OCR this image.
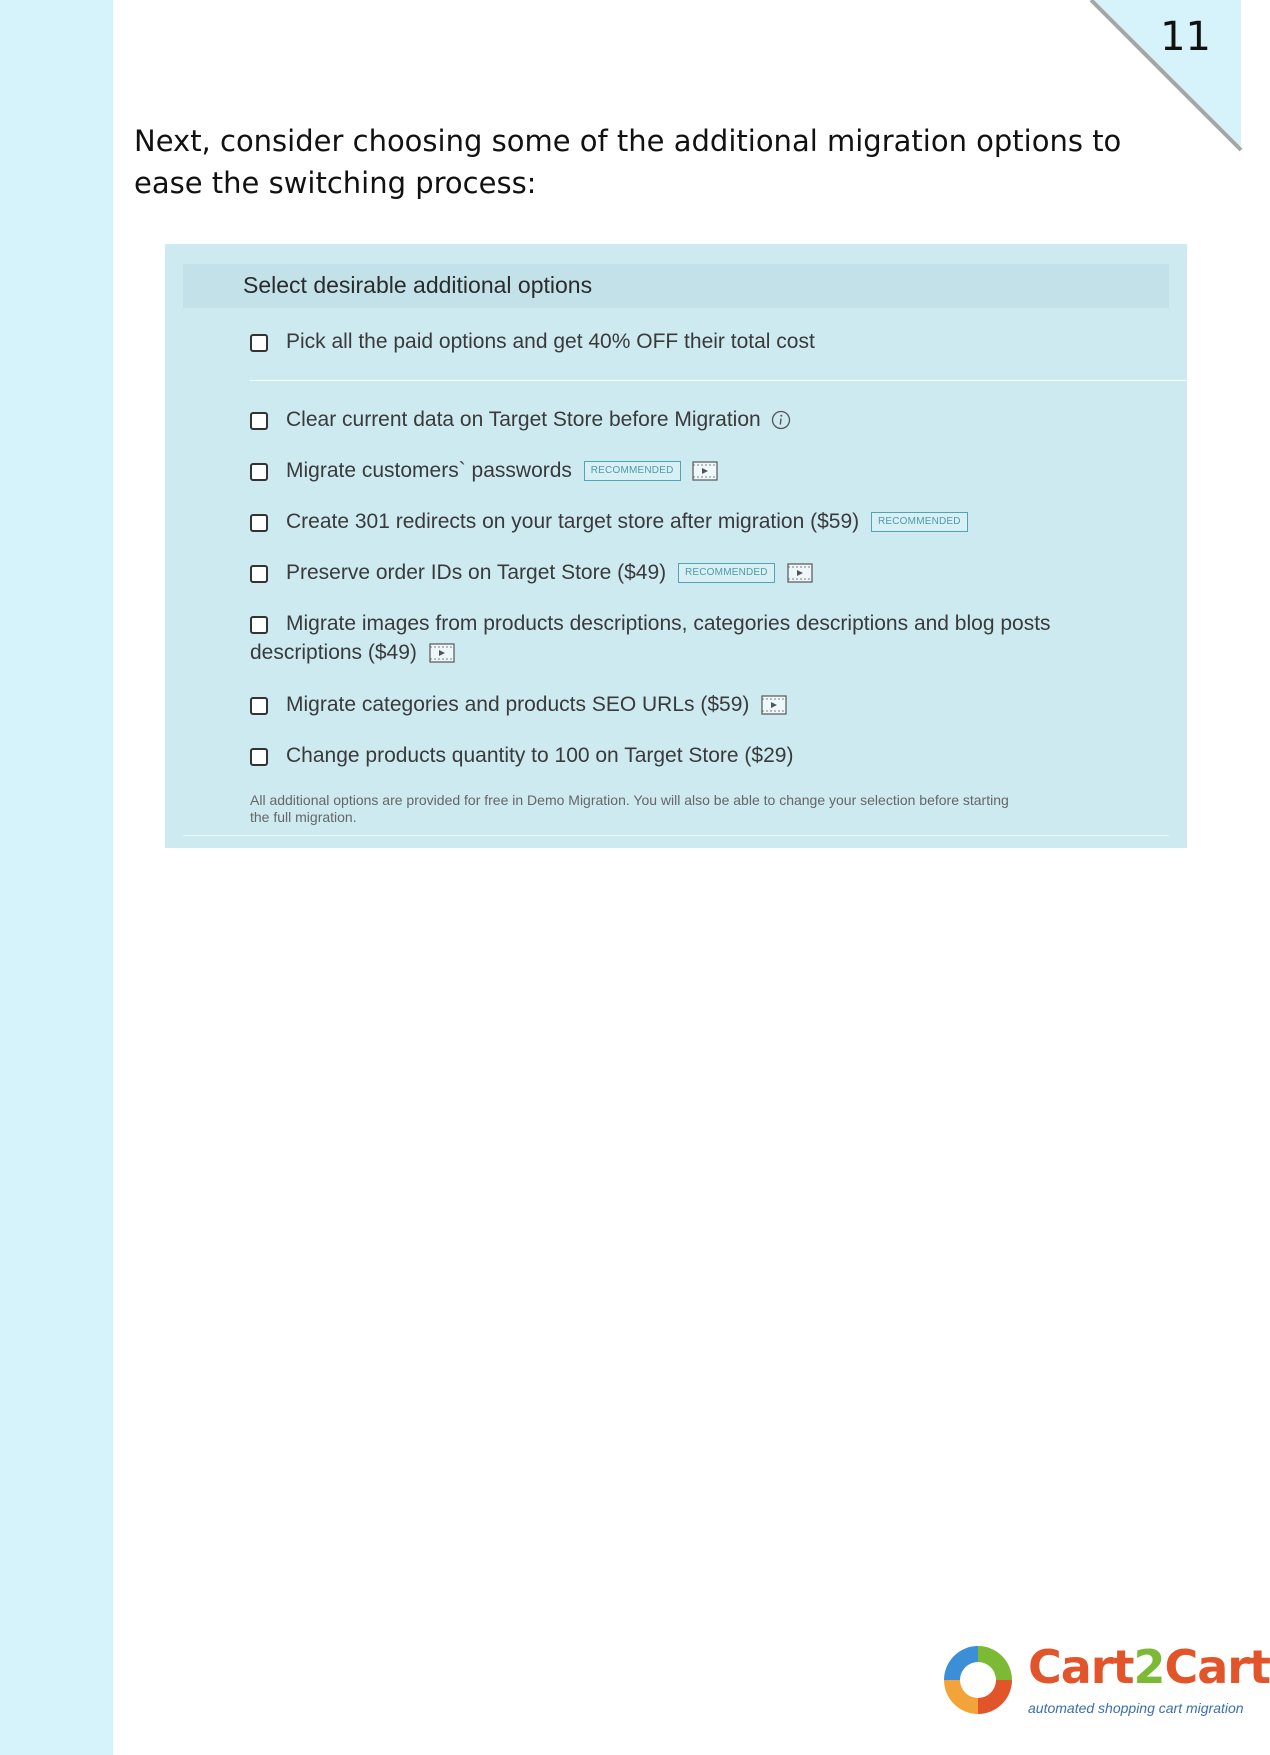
11
Next, consider choosing some of the additional migration options to
ease the switching process:
Select desirable additional options
Pick all the paid options and get 40% OFF their total cost
Clear current data on Target Store before Migration
Migrate customers` passwords RECOMMENDED
Create 301 redirects on your target store after migration ($59) RECOMMENDED
Preserve order IDs on Target Store ($49) RECOMMENDED
Migrate images from products descriptions, categories descriptions and blog posts
descriptions ($49)
Migrate categories and products SEO URLs ($59)
Change products quantity to 100 on Target Store ($29)
All additional options are provided for free in Demo Migration. You will also be able to change your selection before starting
the full migration.
Cart2Cart
automated shopping cart migration
